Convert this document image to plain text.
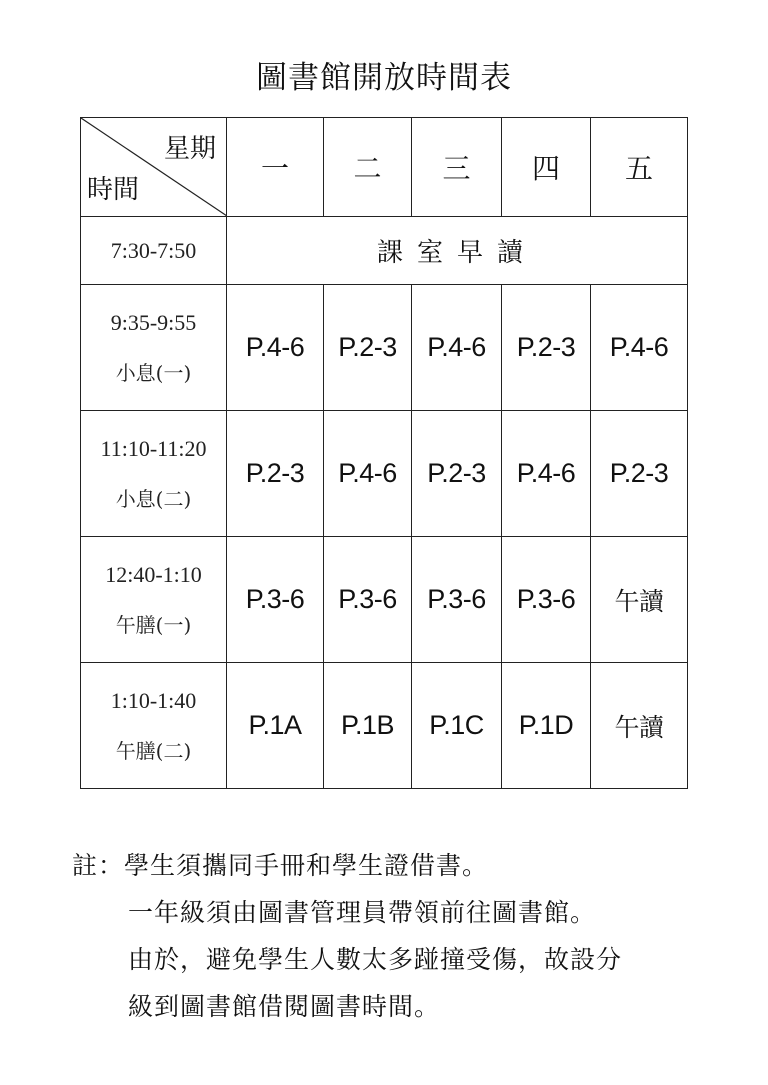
圖書館開放時間表
星期
時間	一	二	三	四	五
7:30-7:50	課室早讀				

9:35-9:55
小息(一)	P.4-6	P.2-3	P.4-6	P.2-3	P.4-6

11:10-11:20
小息(二)	P.2-3	P.4-6	P.2-3	P.4-6	P.2-3

12:40-1:10
午膳(一)	P.3-6	P.3-6	P.3-6	P.3-6	午讀

1:10-1:40
午膳(二)	P.1A	P.1B	P.1C	P.1D	午讀
註：學生須攜同手冊和學生證借書。
一年級須由圖書管理員帶領前往圖書館。
由於，避免學生人數太多踫撞受傷，故設分
級到圖書館借閱圖書時間。
